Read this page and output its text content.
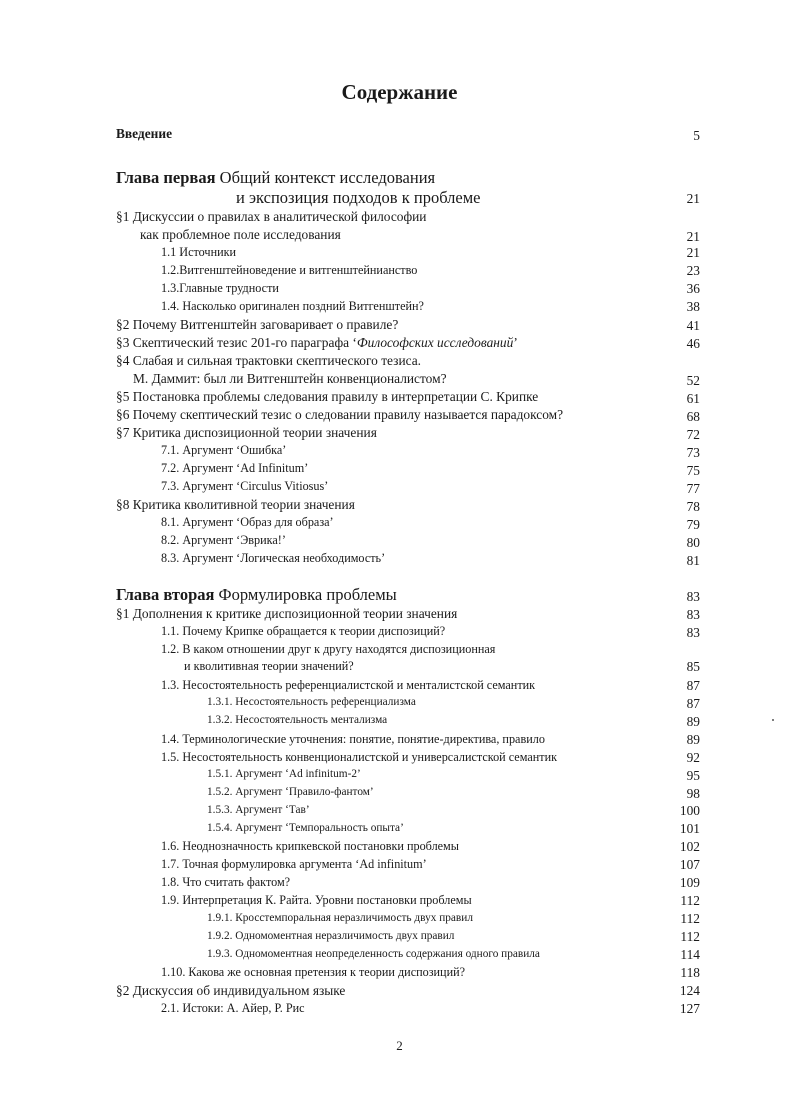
Содержание
Введение	5
Глава первая Общий контекст исследования
и экспозиция подходов к проблеме	21
§1 Дискуссии о правилах в аналитической философии
как проблемное поле исследования	21
1.1 Источники	21
1.2.Витгенштейноведение и витгенштейнианство	23
1.3.Главные трудности	36
1.4. Насколько оригинален поздний Витгенштейн?	38
§2 Почему Витгенштейн заговаривает о правиле?	41
§3 Скептический тезис 201-го параграфа ‘Философских исследований’	46
§4 Слабая и сильная трактовки скептического тезиса.
М. Даммит: был ли Витгенштейн конвенционалистом?	52
§5 Постановка проблемы следования правилу в интерпретации С. Крипке	61
§6 Почему скептический тезис о следовании правилу называется парадоксом?	68
§7 Критика диспозиционной теории значения	72
7.1. Аргумент ‘Ошибка’	73
7.2. Аргумент ‘Ad Infinitum’	75
7.3. Аргумент ‘Circulus Vitiosus’	77
§8 Критика кволитивной теории значения	78
8.1. Аргумент ‘Образ для образа’	79
8.2. Аргумент ‘Эврика!’	80
8.3. Аргумент ‘Логическая необходимость’	81
Глава вторая Формулировка проблемы	83
§1 Дополнения к критике диспозиционной теории значения	83
1.1. Почему Крипке обращается к теории диспозиций?	83
1.2. В каком отношении друг к другу находятся диспозиционная
и кволитивная теории значений?	85
1.3. Несостоятельность референциалистской и менталистской семантик	87
1.3.1. Несостоятельность референциализма	87
1.3.2. Несостоятельность ментализма	89
1.4. Терминологические уточнения: понятие, понятие-директива, правило	89
1.5. Несостоятельность конвенционалистской и универсалистской семантик	92
1.5.1. Аргумент ‘Ad infinitum-2’	95
1.5.2. Аргумент ‘Правило-фантом’	98
1.5.3. Аргумент ‘Тав’	100
1.5.4. Аргумент ‘Темпоральность опыта’	101
1.6. Неоднозначность крипкевской постановки проблемы	102
1.7. Точная формулировка аргумента ‘Ad infinitum’	107
1.8. Что считать фактом?	109
1.9. Интерпретация К. Райта. Уровни постановки проблемы	112
1.9.1. Кросстемпоральная неразличимость двух правил	112
1.9.2. Одномоментная неразличимость двух правил	112
1.9.3. Одномоментная неопределенность содержания одного правила	114
1.10. Какова же основная претензия к теории диспозиций?	118
§2 Дискуссия об индивидуальном языке	124
2.1. Истоки: А. Айер, Р. Рис	127
2
